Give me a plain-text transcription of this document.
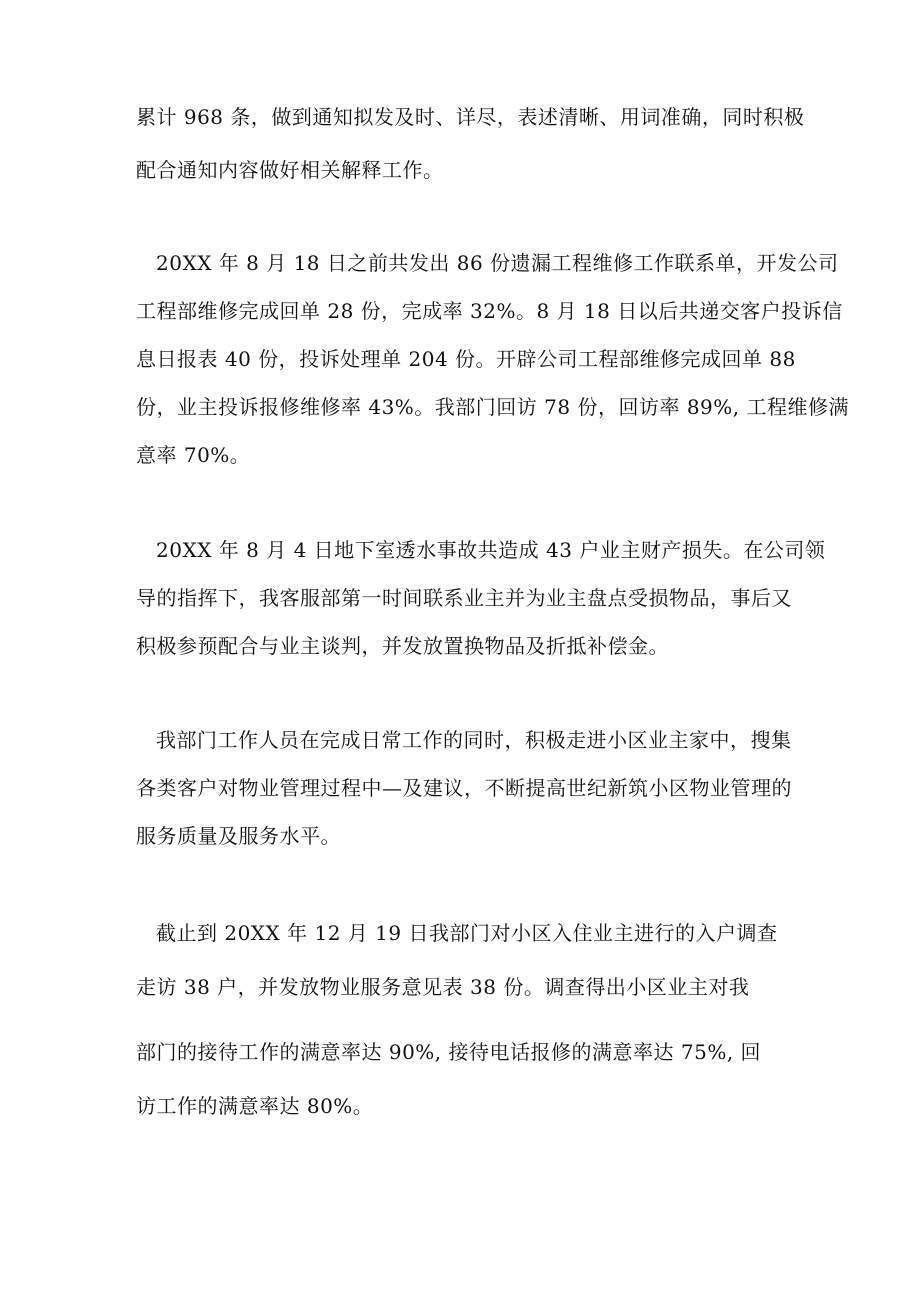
累计 968 条，做到通知拟发及时、详尽，表述清晰、用词准确，同时积极
配合通知内容做好相关解释工作。
20XX 年 8 月 18 日之前共发出 86 份遗漏工程维修工作联系单，开发公司
工程部维修完成回单 28 份，完成率 32%。8 月 18 日以后共递交客户投诉信
息日报表 40 份，投诉处理单 204 份。开辟公司工程部维修完成回单 88
份，业主投诉报修维修率 43%。我部门回访 78 份，回访率 89%, 工程维修满
意率 70%。
20XX 年 8 月 4 日地下室透水事故共造成 43 户业主财产损失。在公司领
导的指挥下，我客服部第一时间联系业主并为业主盘点受损物品，事后又
积极参预配合与业主谈判，并发放置换物品及折抵补偿金。
我部门工作人员在完成日常工作的同时，积极走进小区业主家中，搜集
各类客户对物业管理过程中—及建议，不断提高世纪新筑小区物业管理的
服务质量及服务水平。
截止到 20XX 年 12 月 19 日我部门对小区入住业主进行的入户调查
走访 38 户，并发放物业服务意见表 38 份。调查得出小区业主对我
部门的接待工作的满意率达 90%, 接待电话报修的满意率达 75%, 回
访工作的满意率达 80%。
